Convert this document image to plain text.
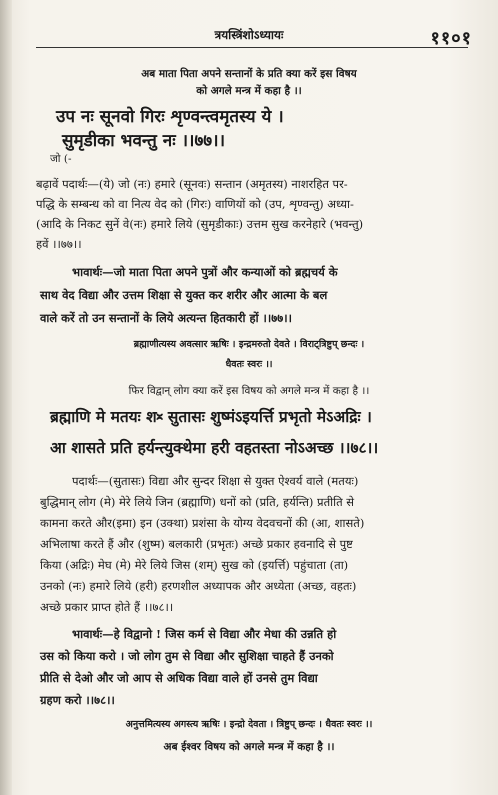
त्रयस्त्रिंशोऽध्यायः	११०१
अब माता पिता अपने सन्तानों के प्रति क्या करें इस विषय
को अगले मन्त्र में कहा है ।।
उप नः सूनवो गिरः शृण्वन्त्वमृतस्य ये ।
सुमृडीका भवन्तु नः ।।७७।।
जो (-
बढ़ावें पदार्थः—(ये) जो (नः) हमारे (सूनवः) सन्तान (अमृतस्य) नाशरहित पर-
पद्धि के सम्बन्ध को वा नित्य वेद को (गिरः) वाणियों को (उप, शृण्वन्तु) अध्या-
(आदि के निकट सुनें वे(नः) हमारे लिये (सुमृडीकाः) उत्तम सुख करनेहारे (भवन्तु)
हवें ।।७७।।
भावार्थः—जो माता पिता अपने पुत्रों और कन्याओं को ब्रह्मचर्य के
साथ वेद विद्या और उत्तम शिक्षा से युक्त कर शरीर और आत्मा के बल
वाले करें तो उन सन्तानों के लिये अत्यन्त हितकारी हों ।।७७।।
ब्रह्माणीत्यस्य अवत्सार ऋषिः । इन्द्रमरुतो देवते । विराट्त्रिष्टुप् छन्दः ।
धैवतः स्वरः ।।
फिर विद्वान् लोग क्या करें इस विषय को अगले मन्त्र में कहा है ।।
ब्रह्माणि मे मतयः शᳲ सुतासः शुष्मंऽइयर्त्ति प्रभृतो मेऽअद्रिः ।
आ शासते प्रति हर्यन्त्युक्थेमा हरी वहतस्ता नोऽअच्छ ।।७८।।
पदार्थः—(सुतासः) विद्या और सुन्दर शिक्षा से युक्त ऐश्वर्य वाले (मतयः)
बुद्धिमान् लोग (मे) मेरे लिये जिन (ब्रह्माणि) धनों को (प्रति, हर्यन्ति) प्रतीति से
कामना करते और(इमा) इन (उक्था) प्रशंसा के योग्य वेदवचनों की (आ, शासते)
अभिलाषा करते हैं और (शुष्म) बलकारी (प्रभृतः) अच्छे प्रकार हवनादि से पुष्ट
किया (अद्रिः) मेघ (मे) मेरे लिये जिस (शम्) सुख को (इयर्त्ति) पहुंचाता (ता)
उनको (नः) हमारे लिये (हरी) हरणशील अध्यापक और अध्येता (अच्छ, वहतः)
अच्छे प्रकार प्राप्त होते हैं ।।७८।।
भावार्थः—हे विद्वानो ! जिस कर्म से विद्या और मेधा की उन्नति हो
उस को किया करो । जो लोग तुम से विद्या और सुशिक्षा चाहते हैं उनको
प्रीति से देओ और जो आप से अधिक विद्या वाले हों उनसे तुम विद्या
ग्रहण करो ।।७८।।
अनुत्तमित्यस्य अगस्त्य ऋषिः । इन्द्रो देवता । त्रिष्टुप् छन्दः । धैवतः स्वरः ।।
अब ईश्वर विषय को अगले मन्त्र में कहा है ।।
